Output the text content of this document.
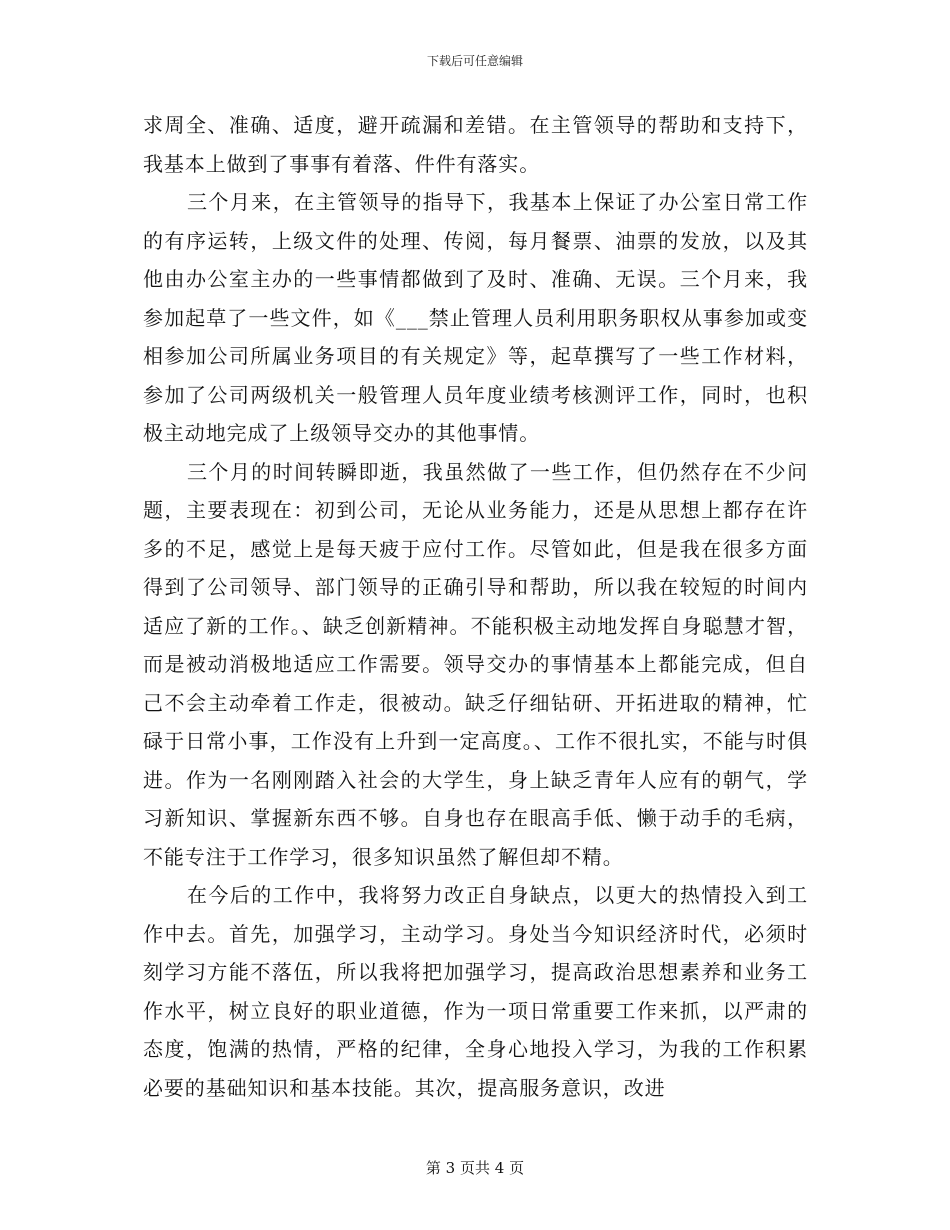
下载后可任意编辑

求周全、准确、适度，避开疏漏和差错。在主管领导的帮助和支持下，我基本上做到了事事有着落、件件有落实。

三个月来，在主管领导的指导下，我基本上保证了办公室日常工作的有序运转，上级文件的处理、传阅，每月餐票、油票的发放，以及其他由办公室主办的一些事情都做到了及时、准确、无误。三个月来，我参加起草了一些文件，如《___禁止管理人员利用职务职权从事参加或变相参加公司所属业务项目的有关规定》等，起草撰写了一些工作材料，参加了公司两级机关一般管理人员年度业绩考核测评工作，同时，也积极主动地完成了上级领导交办的其他事情。

三个月的时间转瞬即逝，我虽然做了一些工作，但仍然存在不少问题，主要表现在：初到公司，无论从业务能力，还是从思想上都存在许多的不足，感觉上是每天疲于应付工作。尽管如此，但是我在很多方面得到了公司领导、部门领导的正确引导和帮助，所以我在较短的时间内适应了新的工作。、缺乏创新精神。不能积极主动地发挥自身聪慧才智，而是被动消极地适应工作需要。领导交办的事情基本上都能完成，但自己不会主动牵着工作走，很被动。缺乏仔细钻研、开拓进取的精神，忙碌于日常小事，工作没有上升到一定高度。、工作不很扎实，不能与时俱进。作为一名刚刚踏入社会的大学生，身上缺乏青年人应有的朝气，学习新知识、掌握新东西不够。自身也存在眼高手低、懒于动手的毛病，不能专注于工作学习，很多知识虽然了解但却不精。

在今后的工作中，我将努力改正自身缺点，以更大的热情投入到工作中去。首先，加强学习，主动学习。身处当今知识经济时代，必须时刻学习方能不落伍，所以我将把加强学习，提高政治思想素养和业务工作水平，树立良好的职业道德，作为一项日常重要工作来抓，以严肃的态度，饱满的热情，严格的纪律，全身心地投入学习，为我的工作积累必要的基础知识和基本技能。其次，提高服务意识，改进

第 3 页共 4 页
